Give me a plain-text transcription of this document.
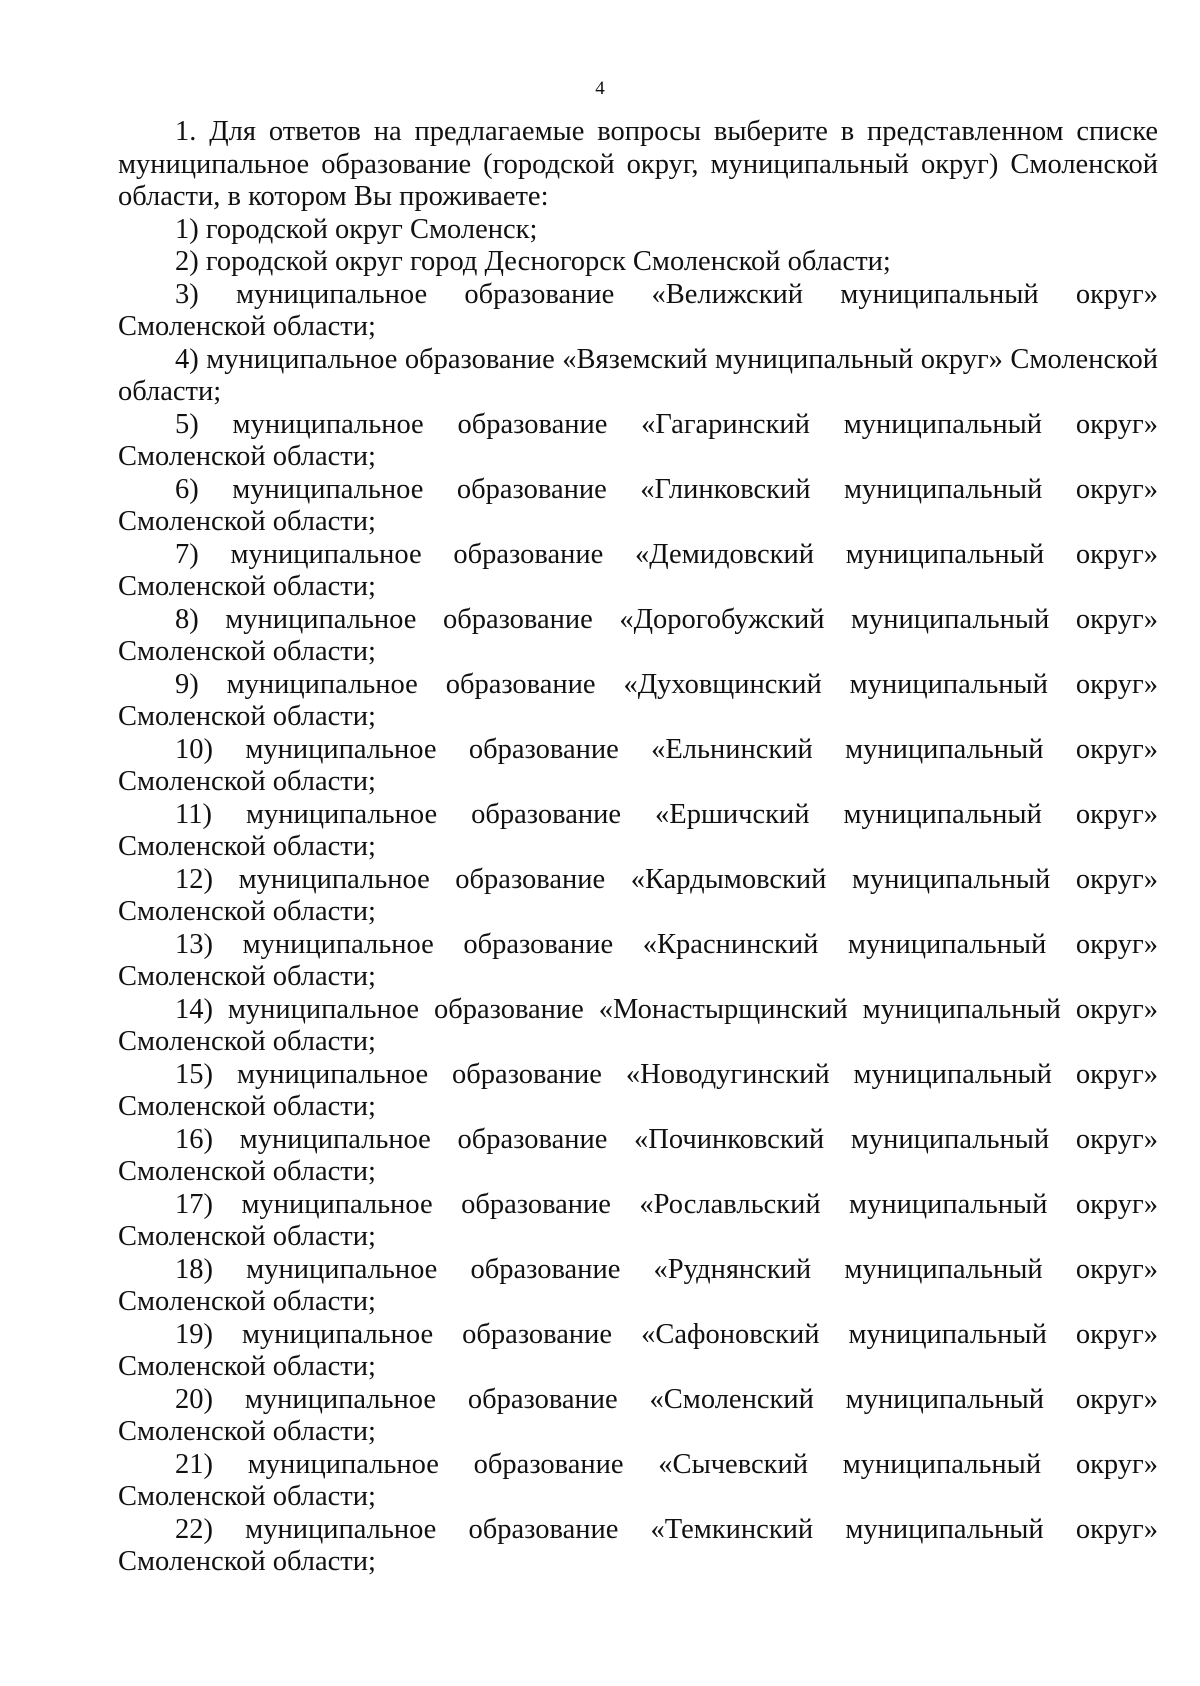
4

1. Для ответов на предлагаемые вопросы выберите в представленном списке муниципальное образование (городской округ, муниципальный округ) Смоленской области, в котором Вы проживаете:

1) городской округ Смоленск;

2) городской округ город Десногорск Смоленской области;

3) муниципальное образование «Велижский муниципальный округ» Смоленской области;

4) муниципальное образование «Вяземский муниципальный округ» Смоленской области;

5) муниципальное образование «Гагаринский муниципальный округ» Смоленской области;

6) муниципальное образование «Глинковский муниципальный округ» Смоленской области;

7) муниципальное образование «Демидовский муниципальный округ» Смоленской области;

8) муниципальное образование «Дорогобужский муниципальный округ» Смоленской области;

9) муниципальное образование «Духовщинский муниципальный округ» Смоленской области;

10) муниципальное образование «Ельнинский муниципальный округ» Смоленской области;

11) муниципальное образование «Ершичский муниципальный округ» Смоленской области;

12) муниципальное образование «Кардымовский муниципальный округ» Смоленской области;

13) муниципальное образование «Краснинский муниципальный округ» Смоленской области;

14) муниципальное образование «Монастырщинский муниципальный округ» Смоленской области;

15) муниципальное образование «Новодугинский муниципальный округ» Смоленской области;

16) муниципальное образование «Починковский муниципальный округ» Смоленской области;

17) муниципальное образование «Рославльский муниципальный округ» Смоленской области;

18) муниципальное образование «Руднянский муниципальный округ» Смоленской области;

19) муниципальное образование «Сафоновский муниципальный округ» Смоленской области;

20) муниципальное образование «Смоленский муниципальный округ» Смоленской области;

21) муниципальное образование «Сычевский муниципальный округ» Смоленской области;

22) муниципальное образование «Темкинский муниципальный округ» Смоленской области;
